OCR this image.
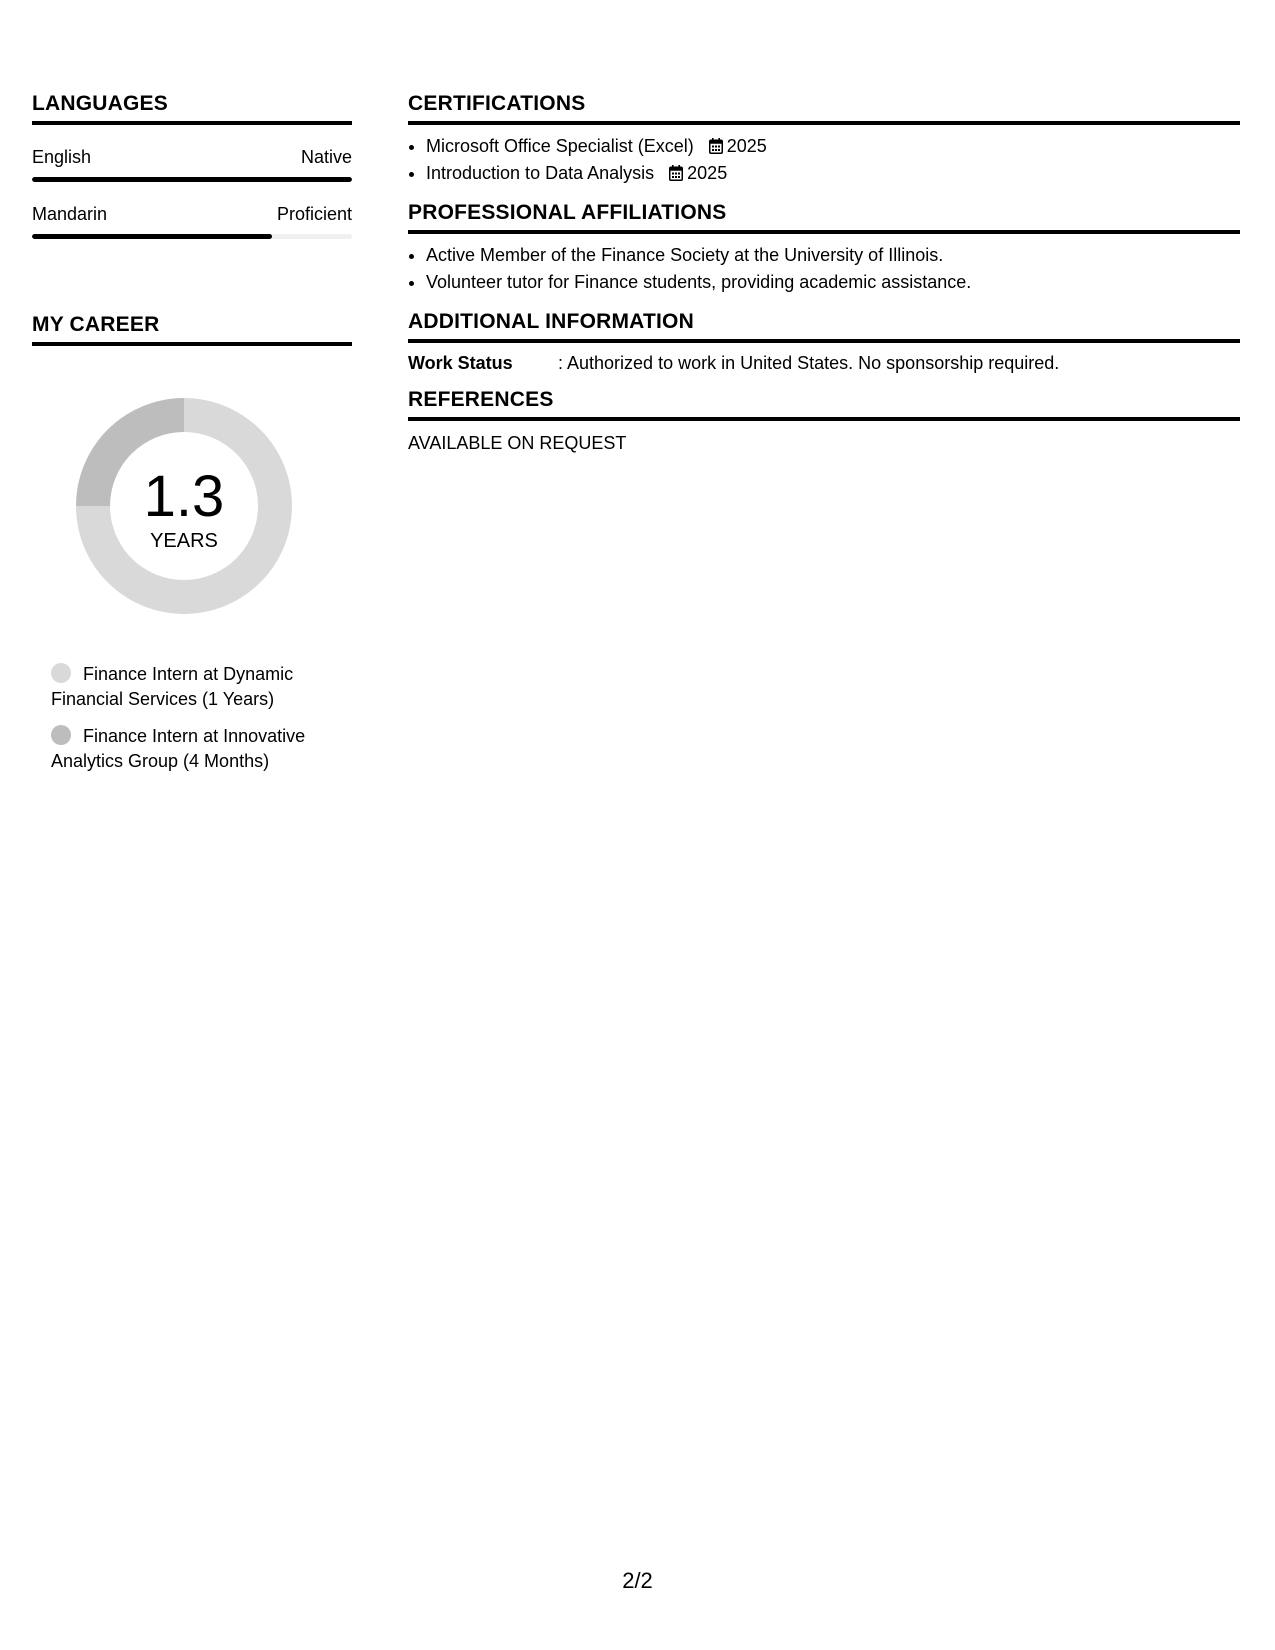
LANGUAGES
English	Native
Mandarin	Proficient
MY CAREER
1.3
YEARS
Finance Intern at Dynamic Financial Services (1 Years)
Finance Intern at Innovative Analytics Group (4 Months)
CERTIFICATIONS
• Microsoft Office Specialist (Excel) 2025
• Introduction to Data Analysis 2025
PROFESSIONAL AFFILIATIONS
• Active Member of the Finance Society at the University of Illinois.
• Volunteer tutor for Finance students, providing academic assistance.
ADDITIONAL INFORMATION
Work Status	: Authorized to work in United States. No sponsorship required.
REFERENCES
AVAILABLE ON REQUEST
2/2
